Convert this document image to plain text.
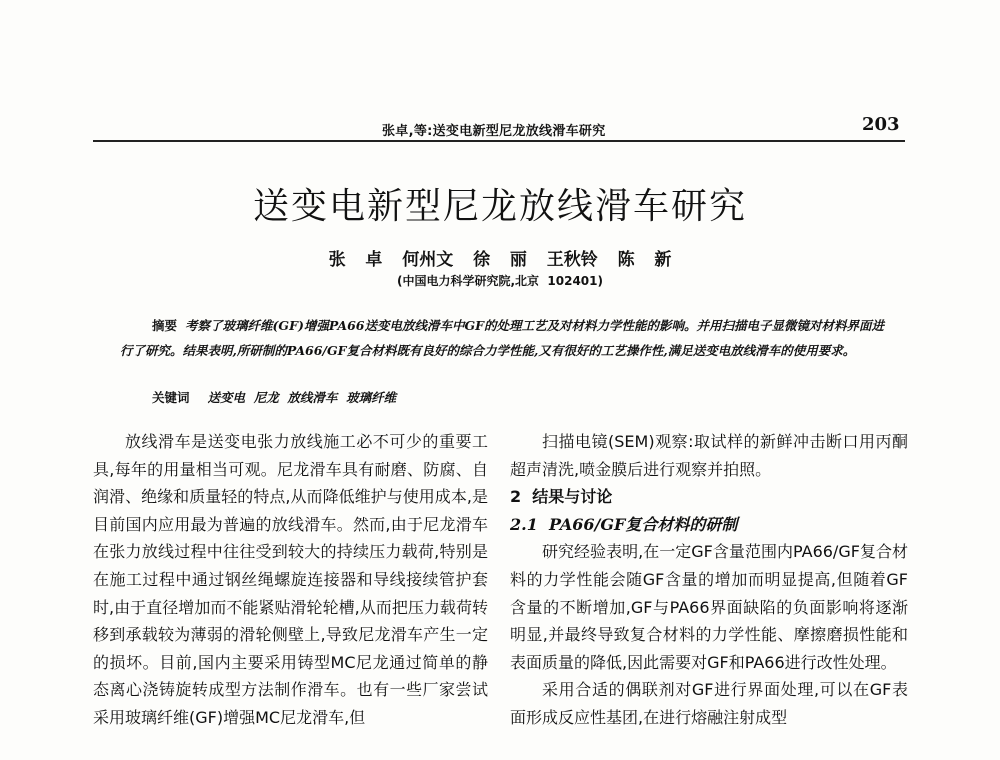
张卓,等:送变电新型尼龙放线滑车研究	203
送变电新型尼龙放线滑车研究
张  卓  何州文  徐  丽  王秋铃  陈  新
(中国电力科学研究院,北京  102401)
摘要 考察了玻璃纤维(GF)增强PA66送变电放线滑车中GF的处理工艺及对材料力学性能的影响。并用扫描电子显微镜对材料界面进行了研究。结果表明,所研制的PA66/GF复合材料既有良好的综合力学性能,又有很好的工艺操作性,满足送变电放线滑车的使用要求。
关键词 送变电  尼龙  放线滑车  玻璃纤维

放线滑车是送变电张力放线施工必不可少的重要工具,每年的用量相当可观。尼龙滑车具有耐磨、防腐、自润滑、绝缘和质量轻的特点,从而降低维护与使用成本,是目前国内应用最为普遍的放线滑车。然而,由于尼龙滑车在张力放线过程中往往受到较大的持续压力载荷,特别是在施工过程中通过钢丝绳螺旋连接器和导线接续管护套时,由于直径增加而不能紧贴滑轮轮槽,从而把压力载荷转移到承载较为薄弱的滑轮侧壁上,导致尼龙滑车产生一定的损坏。目前,国内主要采用铸型MC尼龙通过简单的静态离心浇铸旋转成型方法制作滑车。也有一些厂家尝试采用玻璃纤维(GF)增强MC尼龙滑车,但

扫描电镜(SEM)观察:取试样的新鲜冲击断口用丙酮超声清洗,喷金膜后进行观察并拍照。

2  结果与讨论

2.1  PA66/GF复合材料的研制

研究经验表明,在一定GF含量范围内PA66/GF复合材料的力学性能会随GF含量的增加而明显提高,但随着GF含量的不断增加,GF与PA66界面缺陷的负面影响将逐渐明显,并最终导致复合材料的力学性能、摩擦磨损性能和表面质量的降低,因此需要对GF和PA66进行改性处理。

采用合适的偶联剂对GF进行界面处理,可以在GF表面形成反应性基团,在进行熔融注射成型
